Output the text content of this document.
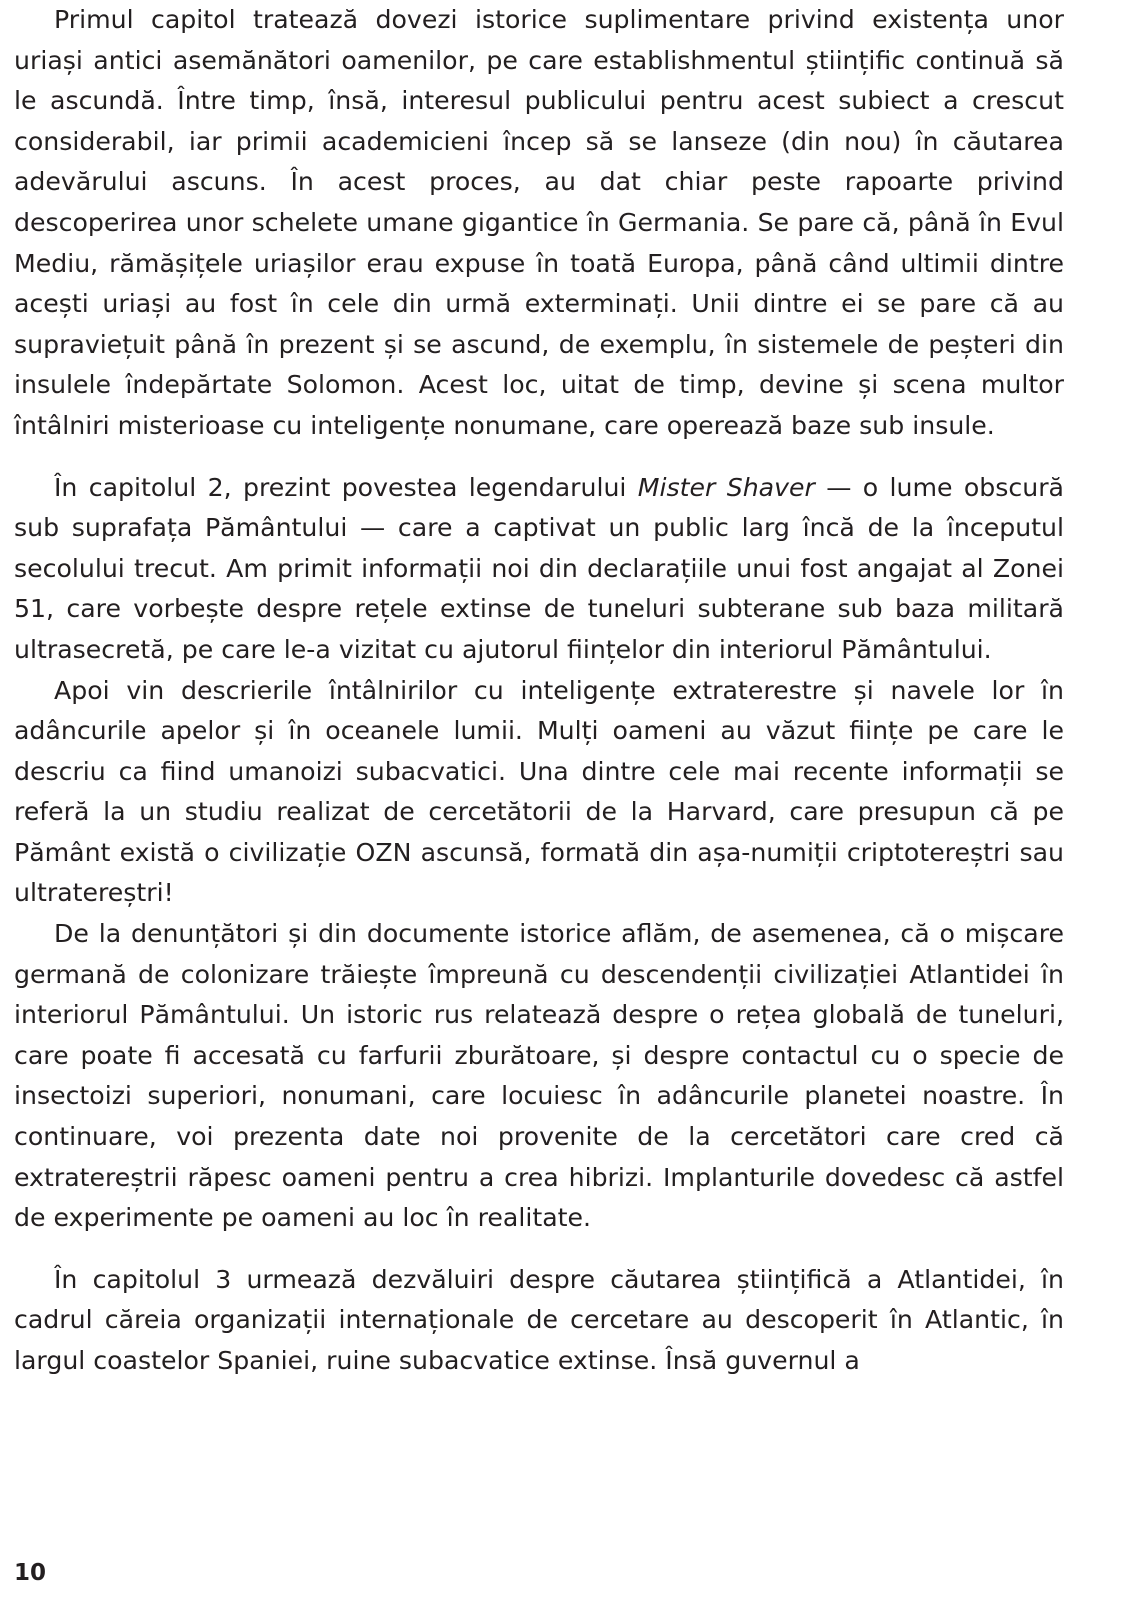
Primul capitol tratează dovezi istorice suplimentare privind existența unor uriași antici asemănători oamenilor, pe care establishmentul științific continuă să le ascundă. Între timp, însă, interesul publicului pentru acest subiect a crescut considerabil, iar primii academicieni încep să se lanseze (din nou) în căutarea adevărului ascuns. În acest proces, au dat chiar peste rapoarte privind descoperirea unor schelete umane gigantice în Germania. Se pare că, până în Evul Mediu, rămășițele uriașilor erau expuse în toată Europa, până când ultimii dintre acești uriași au fost în cele din urmă exterminați. Unii dintre ei se pare că au supraviețuit până în prezent și se ascund, de exemplu, în sistemele de peșteri din insulele îndepărtate Solomon. Acest loc, uitat de timp, devine și scena multor întâlniri misterioase cu inteligențe nonumane, care operează baze sub insule.

În capitolul 2, prezint povestea legendarului Mister Shaver — o lume obscură sub suprafața Pământului — care a captivat un public larg încă de la începutul secolului trecut. Am primit informații noi din declarațiile unui fost angajat al Zonei 51, care vorbește despre rețele extinse de tuneluri subterane sub baza militară ultrasecretă, pe care le-a vizitat cu ajutorul ființelor din interiorul Pământului.

Apoi vin descrierile întâlnirilor cu inteligențe extraterestre și navele lor în adâncurile apelor și în oceanele lumii. Mulți oameni au văzut ființe pe care le descriu ca fiind umanoizi subacvatici. Una dintre cele mai recente informații se referă la un studiu realizat de cercetătorii de la Harvard, care presupun că pe Pământ există o civilizație OZN ascunsă, formată din așa-numiții criptotereștri sau ultratereștri!

De la denunțători și din documente istorice aflăm, de asemenea, că o mișcare germană de colonizare trăiește împreună cu descendenții civilizației Atlantidei în interiorul Pământului. Un istoric rus relatează despre o rețea globală de tuneluri, care poate fi accesată cu farfurii zburătoare, și despre contactul cu o specie de insectoizi superiori, nonumani, care locuiesc în adâncurile planetei noastre. În continuare, voi prezenta date noi provenite de la cercetători care cred că extratereștrii răpesc oameni pentru a crea hibrizi. Implanturile dovedesc că astfel de experimente pe oameni au loc în realitate.

În capitolul 3 urmează dezvăluiri despre căutarea științifică a Atlantidei, în cadrul căreia organizații internaționale de cercetare au descoperit în Atlantic, în largul coastelor Spaniei, ruine subacvatice extinse. Însă guvernul a

10
